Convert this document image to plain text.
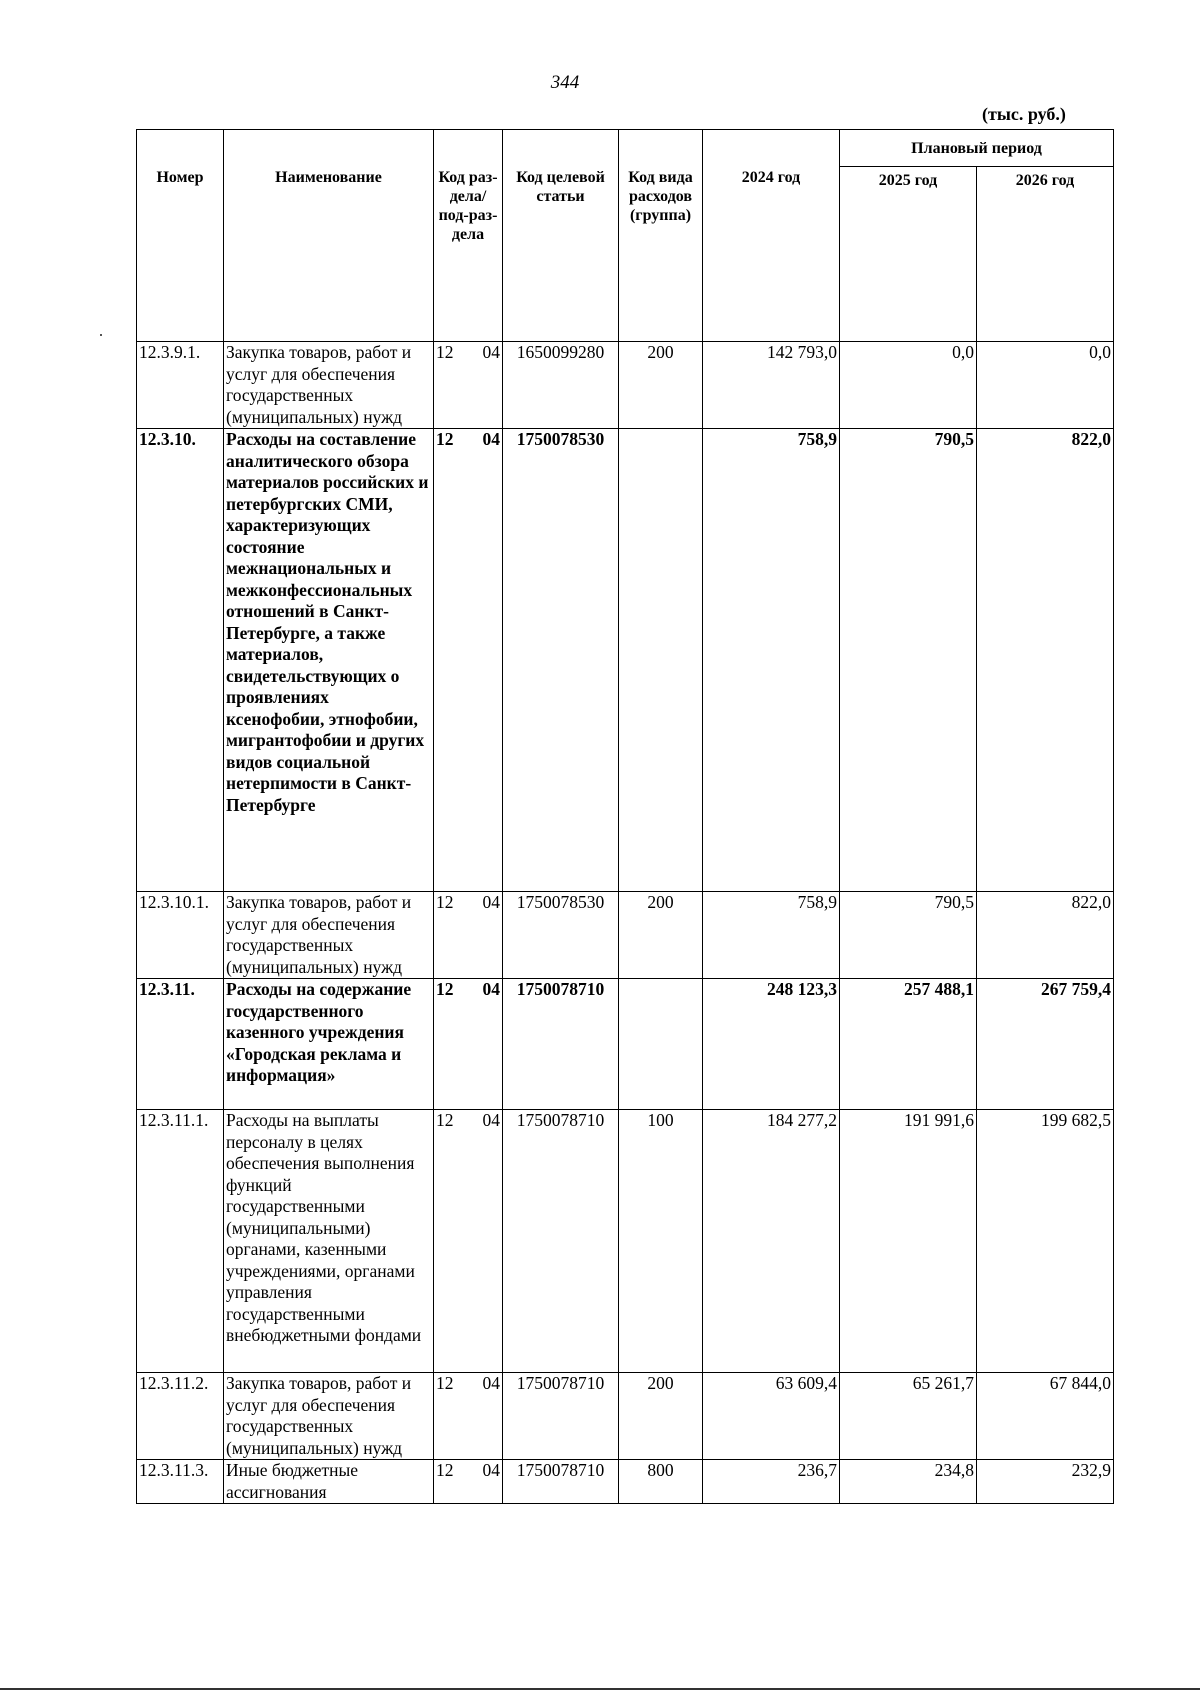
344
(тыс. руб.)
Номер	Наименование	Код раз-дела/ под-раз-дела	Код целевой статьи	Код вида расходов (группа)	2024 год	Плановый период	
						2025 год	2026 год
12.3.9.1.	Закупка товаров, работ и услуг для обеспечения государственных (муниципальных) нужд	12 04	1650099280	200	142 793,0	0,0	0,0
12.3.10.	Расходы на составление аналитического обзора материалов российских и петербургских СМИ, характеризующих состояние межнациональных и межконфессиональных отношений в Санкт-Петербурге, а также материалов, свидетельствующих о проявлениях ксенофобии, этнофобии, мигрантофобии и других видов социальной нетерпимости в Санкт-Петербурге	12 04	1750078530		758,9	790,5	822,0
12.3.10.1.	Закупка товаров, работ и услуг для обеспечения государственных (муниципальных) нужд	12 04	1750078530	200	758,9	790,5	822,0
12.3.11.	Расходы на содержание государственного казенного учреждения «Городская реклама и информация»	12 04	1750078710		248 123,3	257 488,1	267 759,4
12.3.11.1.	Расходы на выплаты персоналу в целях обеспечения выполнения функций государственными (муниципальными) органами, казенными учреждениями, органами управления государственными внебюджетными фондами	12 04	1750078710	100	184 277,2	191 991,6	199 682,5
12.3.11.2.	Закупка товаров, работ и услуг для обеспечения государственных (муниципальных) нужд	12 04	1750078710	200	63 609,4	65 261,7	67 844,0
12.3.11.3.	Иные бюджетные ассигнования	12 04	1750078710	800	236,7	234,8	232,9
